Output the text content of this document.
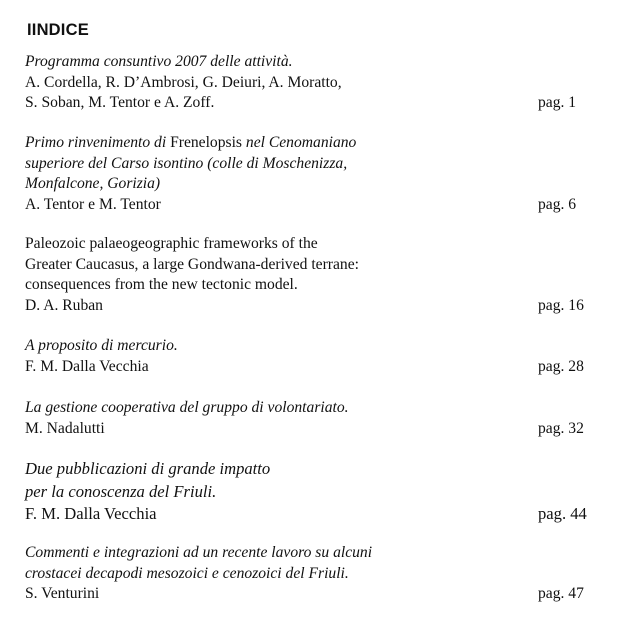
IINDICE
Programma consuntivo 2007 delle attività.
A. Cordella, R. D’Ambrosi, G. Deiuri, A. Moratto,
S. Soban, M. Tentor e A. Zoff.	pag. 1
Primo rinvenimento di Frenelopsis nel Cenomaniano
superiore del Carso isontino (colle di Moschenizza,
Monfalcone, Gorizia)
A. Tentor e M. Tentor	pag. 6
Paleozoic palaeogeographic frameworks of the
Greater Caucasus, a large Gondwana-derived terrane:
consequences from the new tectonic model.
D. A. Ruban	pag. 16
A proposito di mercurio.
F. M. Dalla Vecchia	pag. 28
La gestione cooperativa del gruppo di volontariato.
M. Nadalutti	pag. 32
Due pubblicazioni di grande impatto
per la conoscenza del Friuli.
F. M. Dalla Vecchia	pag. 44
Commenti e integrazioni ad un recente lavoro su alcuni
crostacei decapodi mesozoici e cenozoici del Friuli.
S. Venturini	pag. 47
